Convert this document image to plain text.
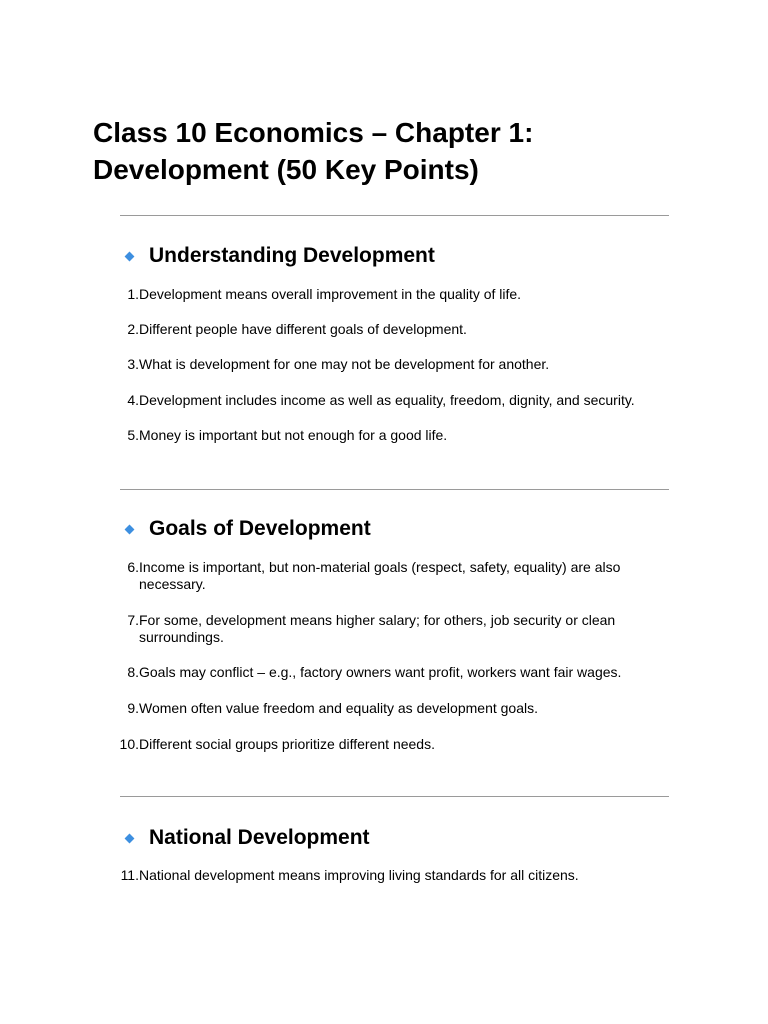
Class 10 Economics – Chapter 1: Development (50 Key Points)
Understanding Development
1. Development means overall improvement in the quality of life.
2. Different people have different goals of development.
3. What is development for one may not be development for another.
4. Development includes income as well as equality, freedom, dignity, and security.
5. Money is important but not enough for a good life.
Goals of Development
6. Income is important, but non-material goals (respect, safety, equality) are also necessary.
7. For some, development means higher salary; for others, job security or clean surroundings.
8. Goals may conflict – e.g., factory owners want profit, workers want fair wages.
9. Women often value freedom and equality as development goals.
10. Different social groups prioritize different needs.
National Development
11. National development means improving living standards for all citizens.
